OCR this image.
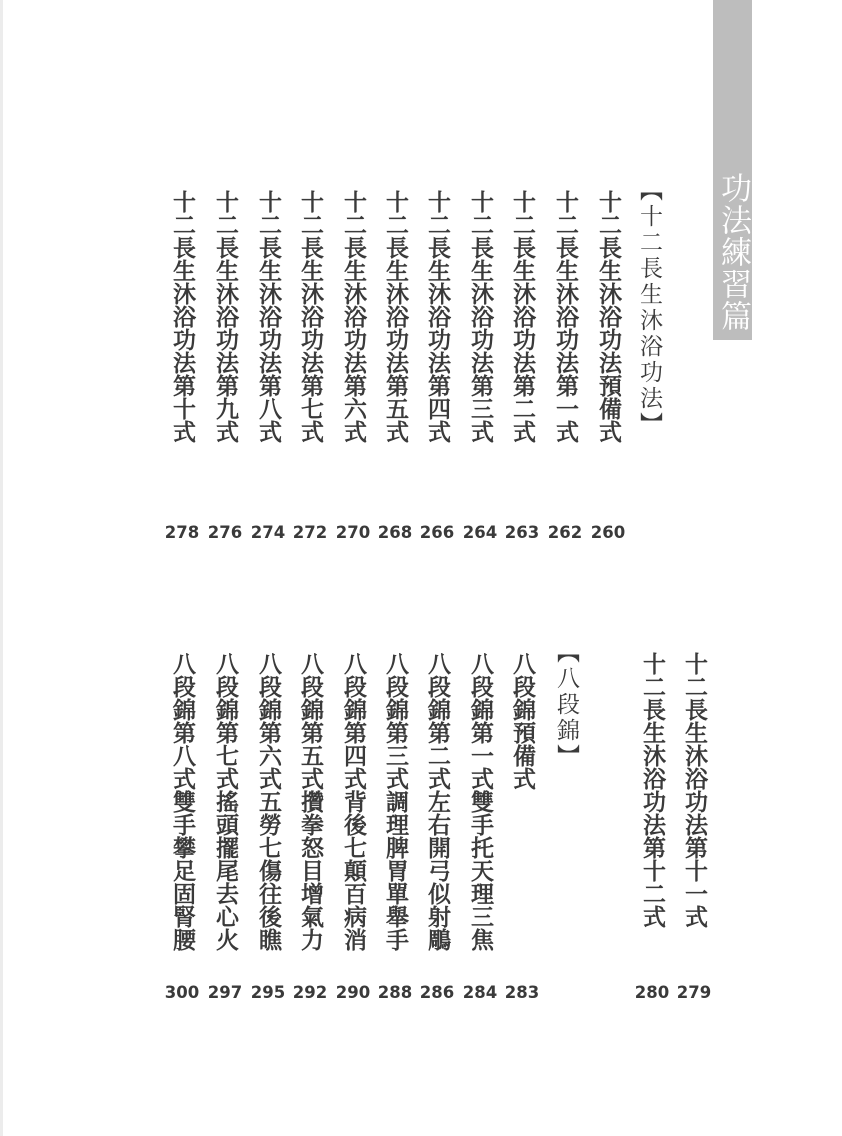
功法練習篇
【十二長生沐浴功法】
十二長生沐浴功法預備式
260
十二長生沐浴功法第一式
262
十二長生沐浴功法第二式
263
十二長生沐浴功法第三式
264
十二長生沐浴功法第四式
266
十二長生沐浴功法第五式
268
十二長生沐浴功法第六式
270
十二長生沐浴功法第七式
272
十二長生沐浴功法第八式
274
十二長生沐浴功法第九式
276
十二長生沐浴功法第十式
278
十二長生沐浴功法第十一式
279
十二長生沐浴功法第十二式
280
【八段錦】
八段錦預備式
283
八段錦第一式雙手托天理三焦
284
八段錦第二式左右開弓似射鵰
286
八段錦第三式調理脾胃單舉手
288
八段錦第四式背後七顛百病消
290
八段錦第五式攢拳怒目增氣力
292
八段錦第六式五勞七傷往後瞧
295
八段錦第七式搖頭擺尾去心火
297
八段錦第八式雙手攀足固腎腰
300
